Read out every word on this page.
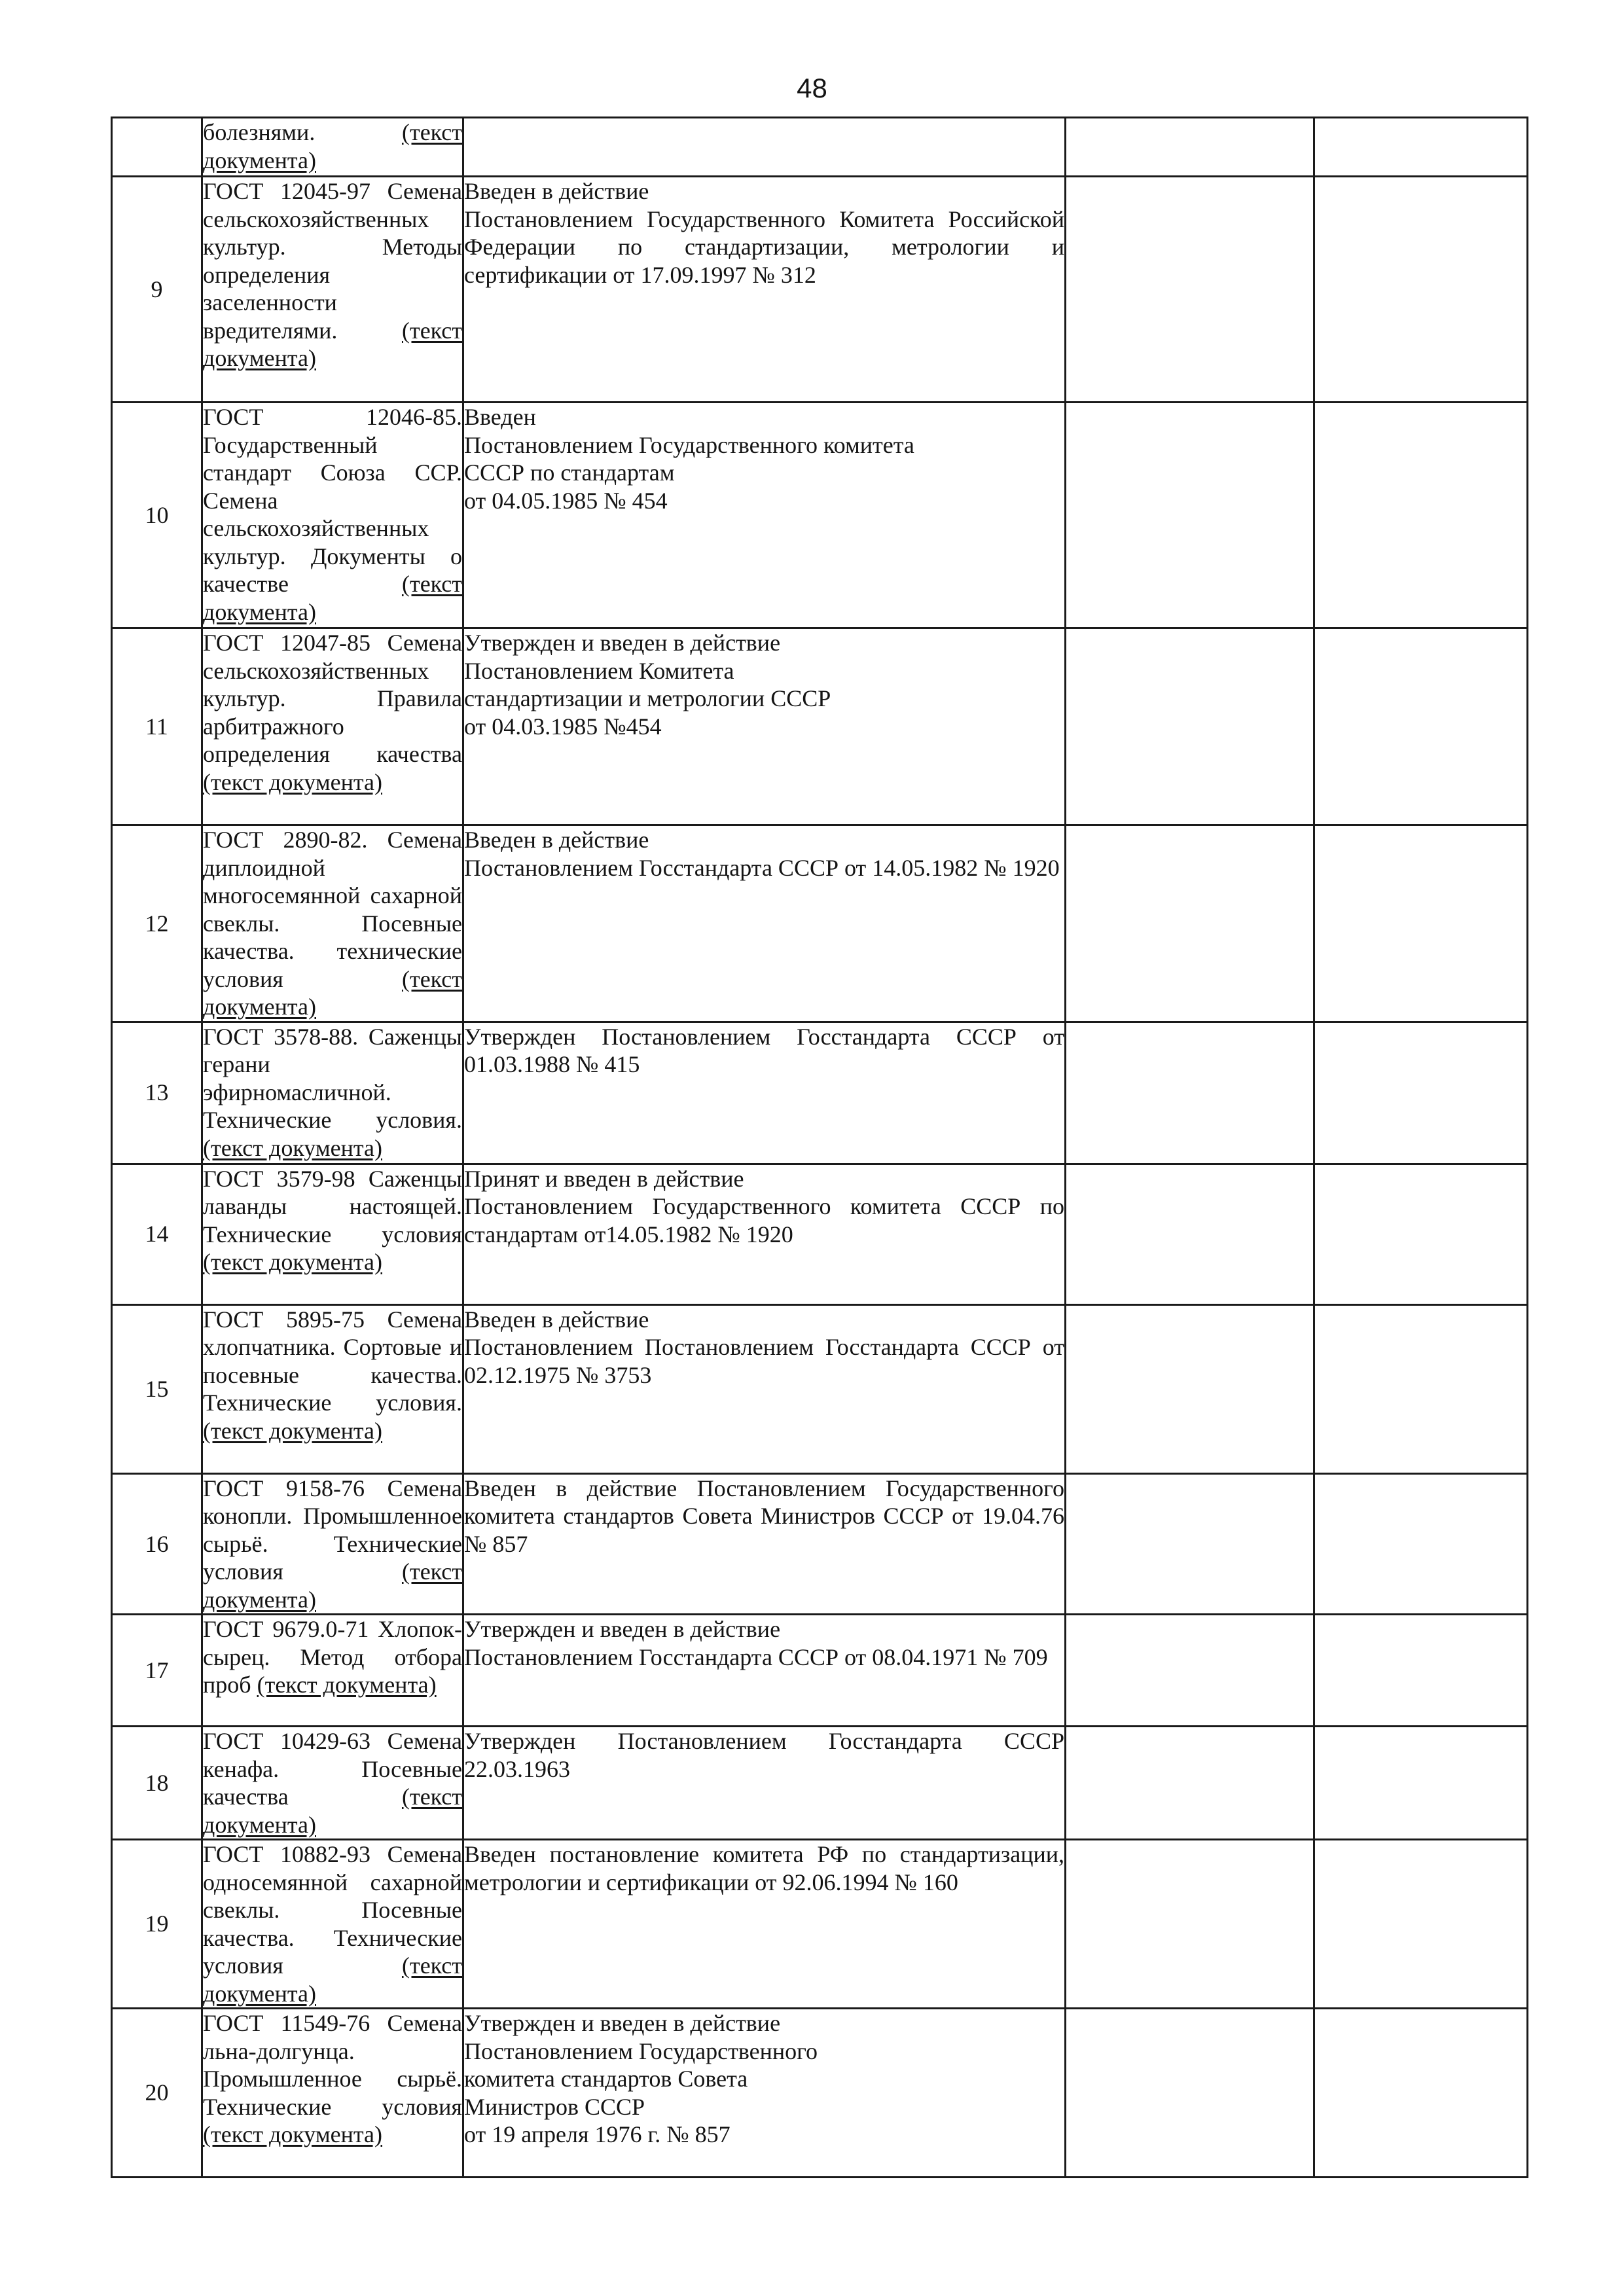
48

	болезнями. (текст
документа)			

9	ГОСТ 12045-97 Семена сельскохозяйственных культур. Методы определения заселенности вредителями. (текст документа)	Введен в действие
Постановлением Государственного Комитета Российской Федерации по стандартизации, метрологии и сертификации от 17.09.1997 № 312		

10	ГОСТ 12046-85. Государственный стандарт Союза ССР. Семена сельскохозяйственных культур. Документы о качестве (текст документа)	Введен
Постановлением Государственного комитета
СССР по стандартам
от 04.05.1985 № 454		

11	ГОСТ 12047-85 Семена сельскохозяйственных культур. Правила арбитражного определения качества (текст документа)	Утвержден и введен в действие
Постановлением Комитета
стандартизации и метрологии СССР
от 04.03.1985 №454		

12	ГОСТ 2890-82. Семена диплоидной многосемянной сахарной свеклы. Посевные качества. технические условия (текст документа)	Введен в действие
Постановлением Госстандарта СССР от 14.05.1982 № 1920		

13	ГОСТ 3578-88. Саженцы герани эфирномасличной. Технические условия. (текст документа)	Утвержден Постановлением Госстандарта СССР от 01.03.1988 № 415		

14	ГОСТ 3579-98 Саженцы лаванды настоящей. Технические условия (текст документа)	Принят и введен в действие
Постановлением Государственного комитета СССР по стандартам от14.05.1982 № 1920		

15	ГОСТ 5895-75 Семена хлопчатника. Сортовые и посевные качества. Технические условия. (текст документа)	Введен в действие
Постановлением Постановлением Госстандарта СССР от 02.12.1975 № 3753		

16	ГОСТ 9158-76 Семена конопли. Промышленное сырьё. Технические условия (текст документа)	Введен в действие Постановлением Государственного комитета стандартов Совета Министров СССР от 19.04.76 № 857		

17	ГОСТ 9679.0-71 Хлопок-сырец. Метод отбора проб (текст документа)	Утвержден и введен в действие
Постановлением Госстандарта СССР от 08.04.1971 № 709		

18	ГОСТ 10429-63 Семена кенафа. Посевные качества (текст документа)	Утвержден Постановлением Госстандарта СССР 22.03.1963		

19	ГОСТ 10882-93 Семена односемянной сахарной свеклы. Посевные качества. Технические условия (текст документа)	Введен постановление комитета РФ по стандартизации, метрологии и сертификации от 92.06.1994 № 160		

20	ГОСТ 11549-76 Семена льна-долгунца. Промышленное сырьё. Технические условия (текст документа)	Утвержден и введен в действие
Постановлением Государственного
комитета стандартов Совета
Министров СССР
от 19 апреля 1976 г. № 857		
